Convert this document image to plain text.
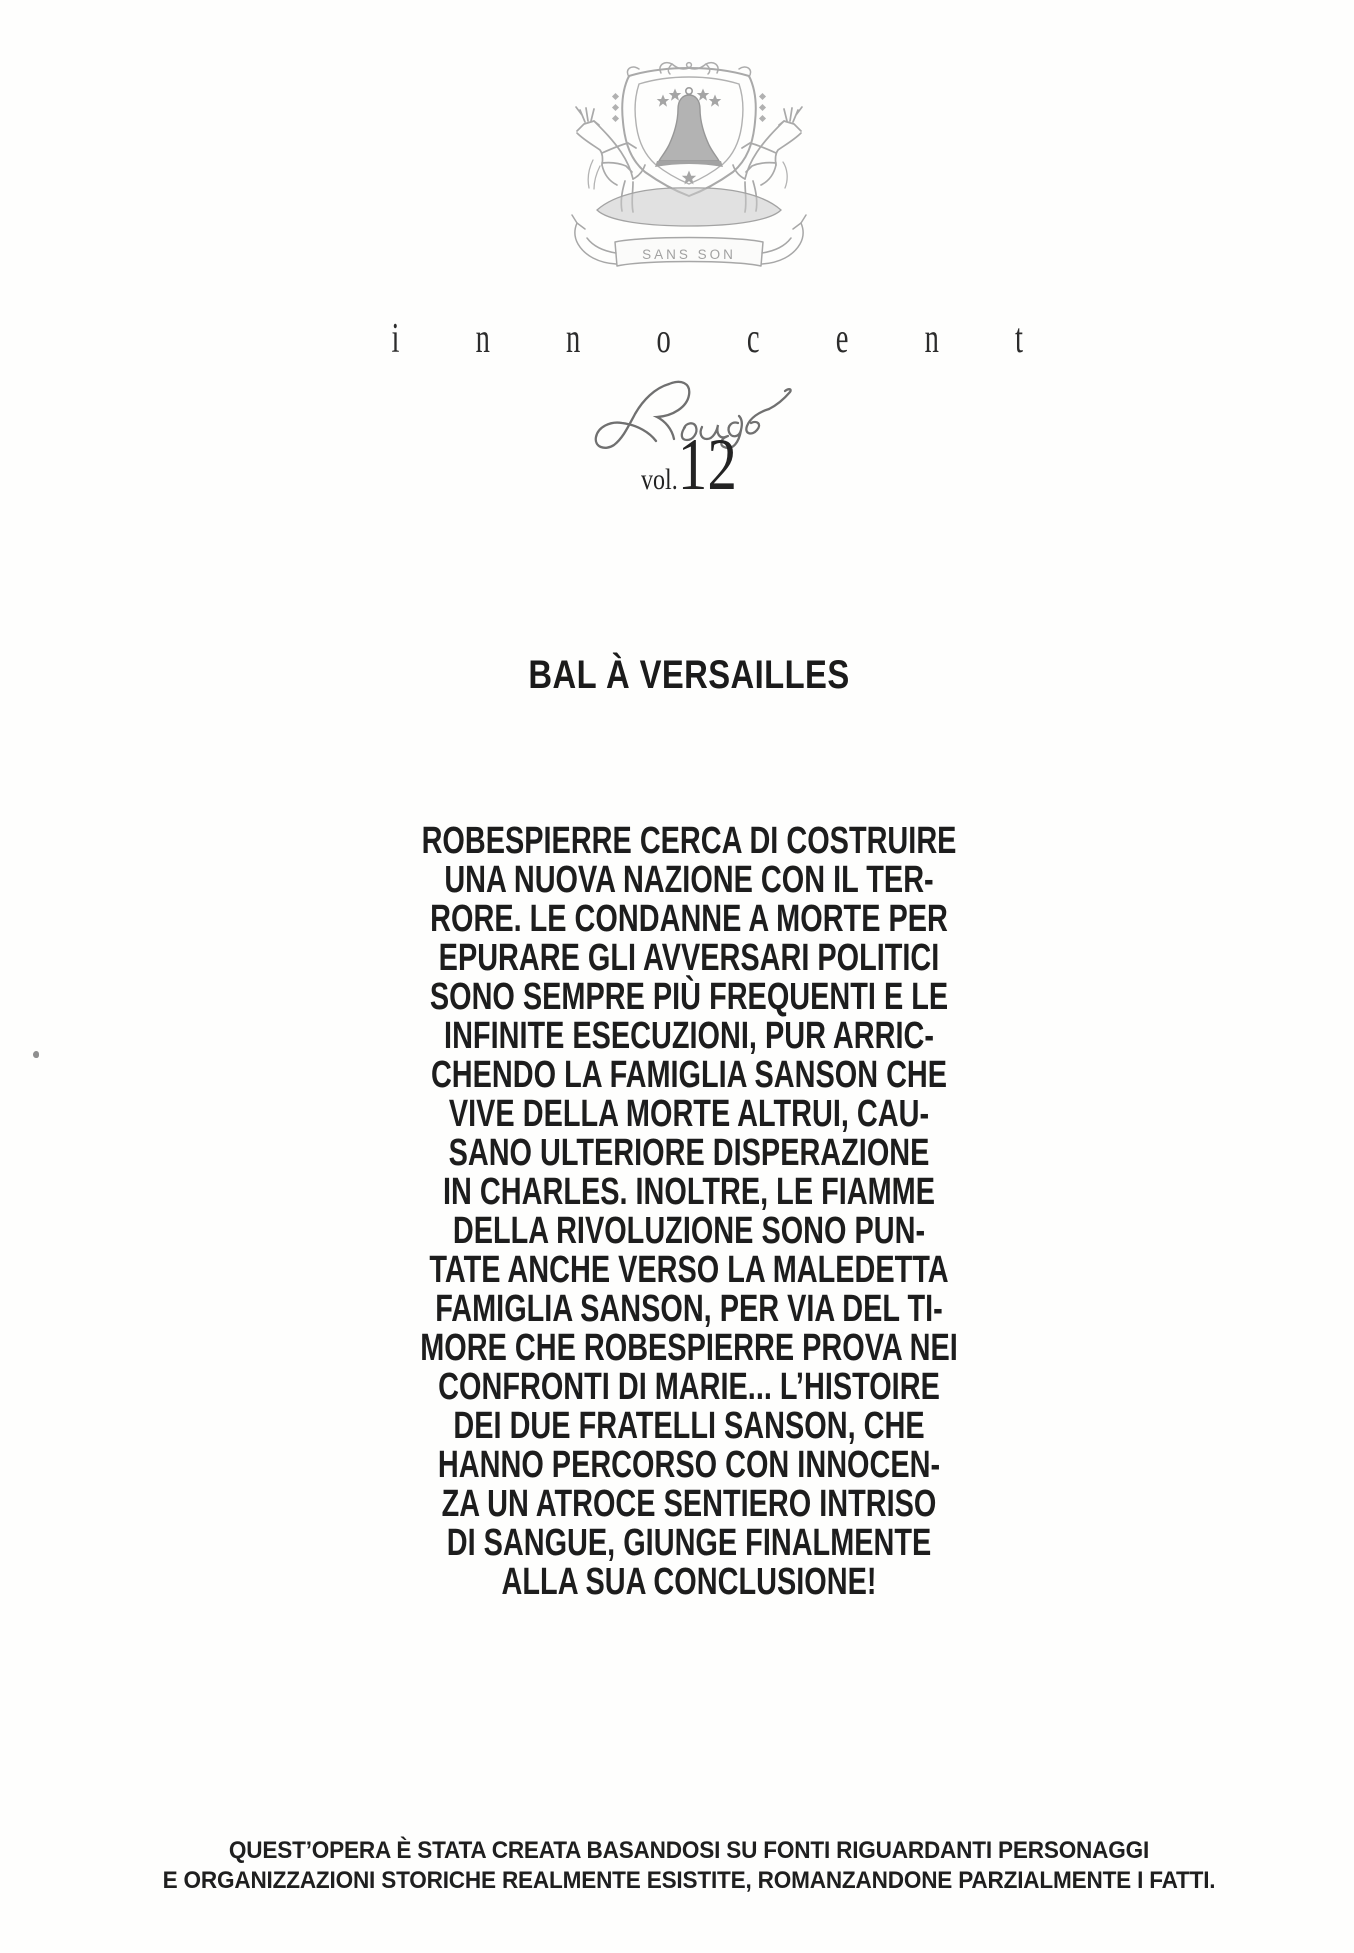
SANS SON
innocent
vol.12
BAL À VERSAILLES
ROBESPIERRE CERCA DI COSTRUIRE
UNA NUOVA NAZIONE CON IL TER-
RORE. LE CONDANNE A MORTE PER
EPURARE GLI AVVERSARI POLITICI
SONO SEMPRE PIÙ FREQUENTI E LE
INFINITE ESECUZIONI, PUR ARRIC-
CHENDO LA FAMIGLIA SANSON CHE
VIVE DELLA MORTE ALTRUI, CAU-
SANO ULTERIORE DISPERAZIONE
IN CHARLES. INOLTRE, LE FIAMME
DELLA RIVOLUZIONE SONO PUN-
TATE ANCHE VERSO LA MALEDETTA
FAMIGLIA SANSON, PER VIA DEL TI-
MORE CHE ROBESPIERRE PROVA NEI
CONFRONTI DI MARIE... L’HISTOIRE
DEI DUE FRATELLI SANSON, CHE
HANNO PERCORSO CON INNOCEN-
ZA UN ATROCE SENTIERO INTRISO
DI SANGUE, GIUNGE FINALMENTE
ALLA SUA CONCLUSIONE!
QUEST’OPERA È STATA CREATA BASANDOSI SU FONTI RIGUARDANTI PERSONAGGI
E ORGANIZZAZIONI STORICHE REALMENTE ESISTITE, ROMANZANDONE PARZIALMENTE I FATTI.
